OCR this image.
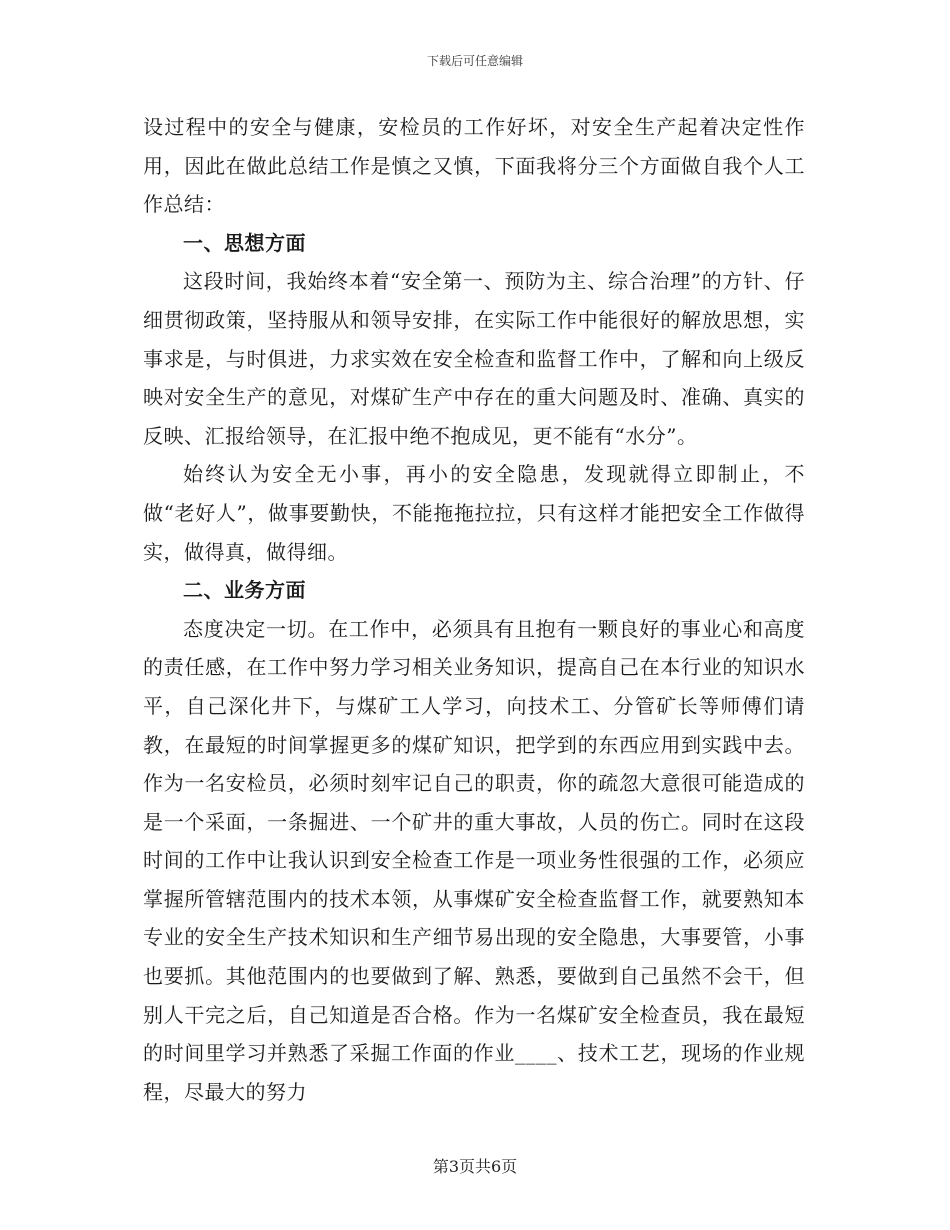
下载后可任意编辑

设过程中的安全与健康，安检员的工作好坏，对安全生产起着决定性作用，因此在做此总结工作是慎之又慎，下面我将分三个方面做自我个人工作总结：

一、思想方面

这段时间，我始终本着“安全第一、预防为主、综合治理”的方针、仔细贯彻政策，坚持服从和领导安排，在实际工作中能很好的解放思想，实事求是，与时俱进，力求实效在安全检查和监督工作中，了解和向上级反映对安全生产的意见，对煤矿生产中存在的重大问题及时、准确、真实的反映、汇报给领导，在汇报中绝不抱成见，更不能有“水分”。

始终认为安全无小事，再小的安全隐患，发现就得立即制止，不做“老好人”，做事要勤快，不能拖拖拉拉，只有这样才能把安全工作做得实，做得真，做得细。

二、业务方面

态度决定一切。在工作中，必须具有且抱有一颗良好的事业心和高度的责任感，在工作中努力学习相关业务知识，提高自己在本行业的知识水平，自己深化井下，与煤矿工人学习，向技术工、分管矿长等师傅们请教，在最短的时间掌握更多的煤矿知识，把学到的东西应用到实践中去。作为一名安检员，必须时刻牢记自己的职责，你的疏忽大意很可能造成的是一个采面，一条掘进、一个矿井的重大事故，人员的伤亡。同时在这段时间的工作中让我认识到安全检查工作是一项业务性很强的工作，必须应掌握所管辖范围内的技术本领，从事煤矿安全检查监督工作，就要熟知本专业的安全生产技术知识和生产细节易出现的安全隐患，大事要管，小事也要抓。其他范围内的也要做到了解、熟悉，要做到自己虽然不会干，但别人干完之后，自己知道是否合格。作为一名煤矿安全检查员，我在最短的时间里学习并熟悉了采掘工作面的作业____、技术工艺，现场的作业规程，尽最大的努力

第3页共6页
